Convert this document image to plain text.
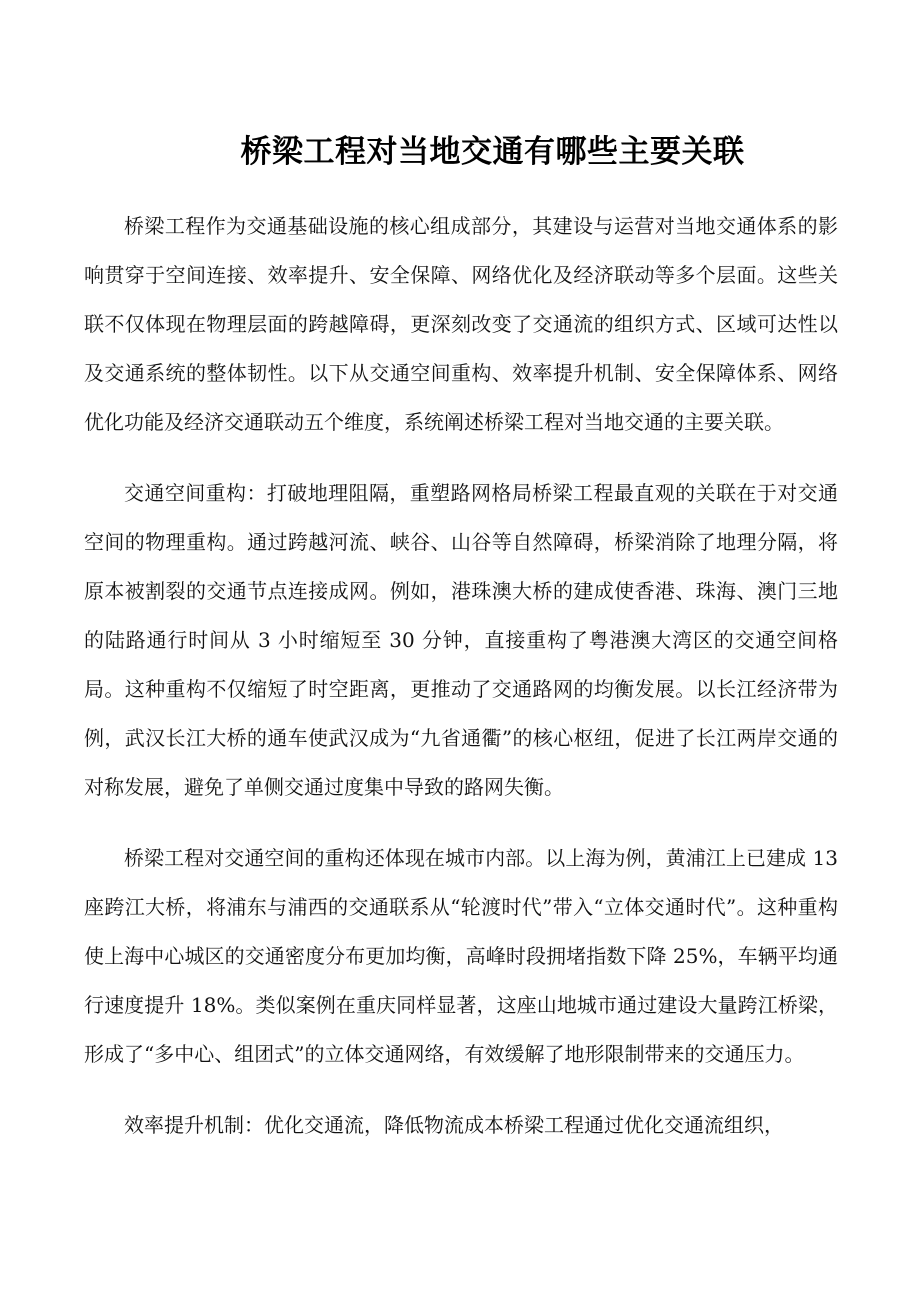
桥梁工程对当地交通有哪些主要关联

桥梁工程作为交通基础设施的核心组成部分，其建设与运营对当地交通体系的影响贯穿于空间连接、效率提升、安全保障、网络优化及经济联动等多个层面。这些关联不仅体现在物理层面的跨越障碍，更深刻改变了交通流的组织方式、区域可达性以及交通系统的整体韧性。以下从交通空间重构、效率提升机制、安全保障体系、网络优化功能及经济交通联动五个维度，系统阐述桥梁工程对当地交通的主要关联。

交通空间重构：打破地理阻隔，重塑路网格局桥梁工程最直观的关联在于对交通空间的物理重构。通过跨越河流、峡谷、山谷等自然障碍，桥梁消除了地理分隔，将原本被割裂的交通节点连接成网。例如，港珠澳大桥的建成使香港、珠海、澳门三地的陆路通行时间从 3 小时缩短至 30 分钟，直接重构了粤港澳大湾区的交通空间格局。这种重构不仅缩短了时空距离，更推动了交通路网的均衡发展。以长江经济带为例，武汉长江大桥的通车使武汉成为“九省通衢”的核心枢纽，促进了长江两岸交通的对称发展，避免了单侧交通过度集中导致的路网失衡。

桥梁工程对交通空间的重构还体现在城市内部。以上海为例，黄浦江上已建成 13 座跨江大桥，将浦东与浦西的交通联系从“轮渡时代”带入“立体交通时代”。这种重构使上海中心城区的交通密度分布更加均衡，高峰时段拥堵指数下降 25%，车辆平均通行速度提升 18%。类似案例在重庆同样显著，这座山地城市通过建设大量跨江桥梁，形成了“多中心、组团式”的立体交通网络，有效缓解了地形限制带来的交通压力。

效率提升机制：优化交通流，降低物流成本桥梁工程通过优化交通流组织，
